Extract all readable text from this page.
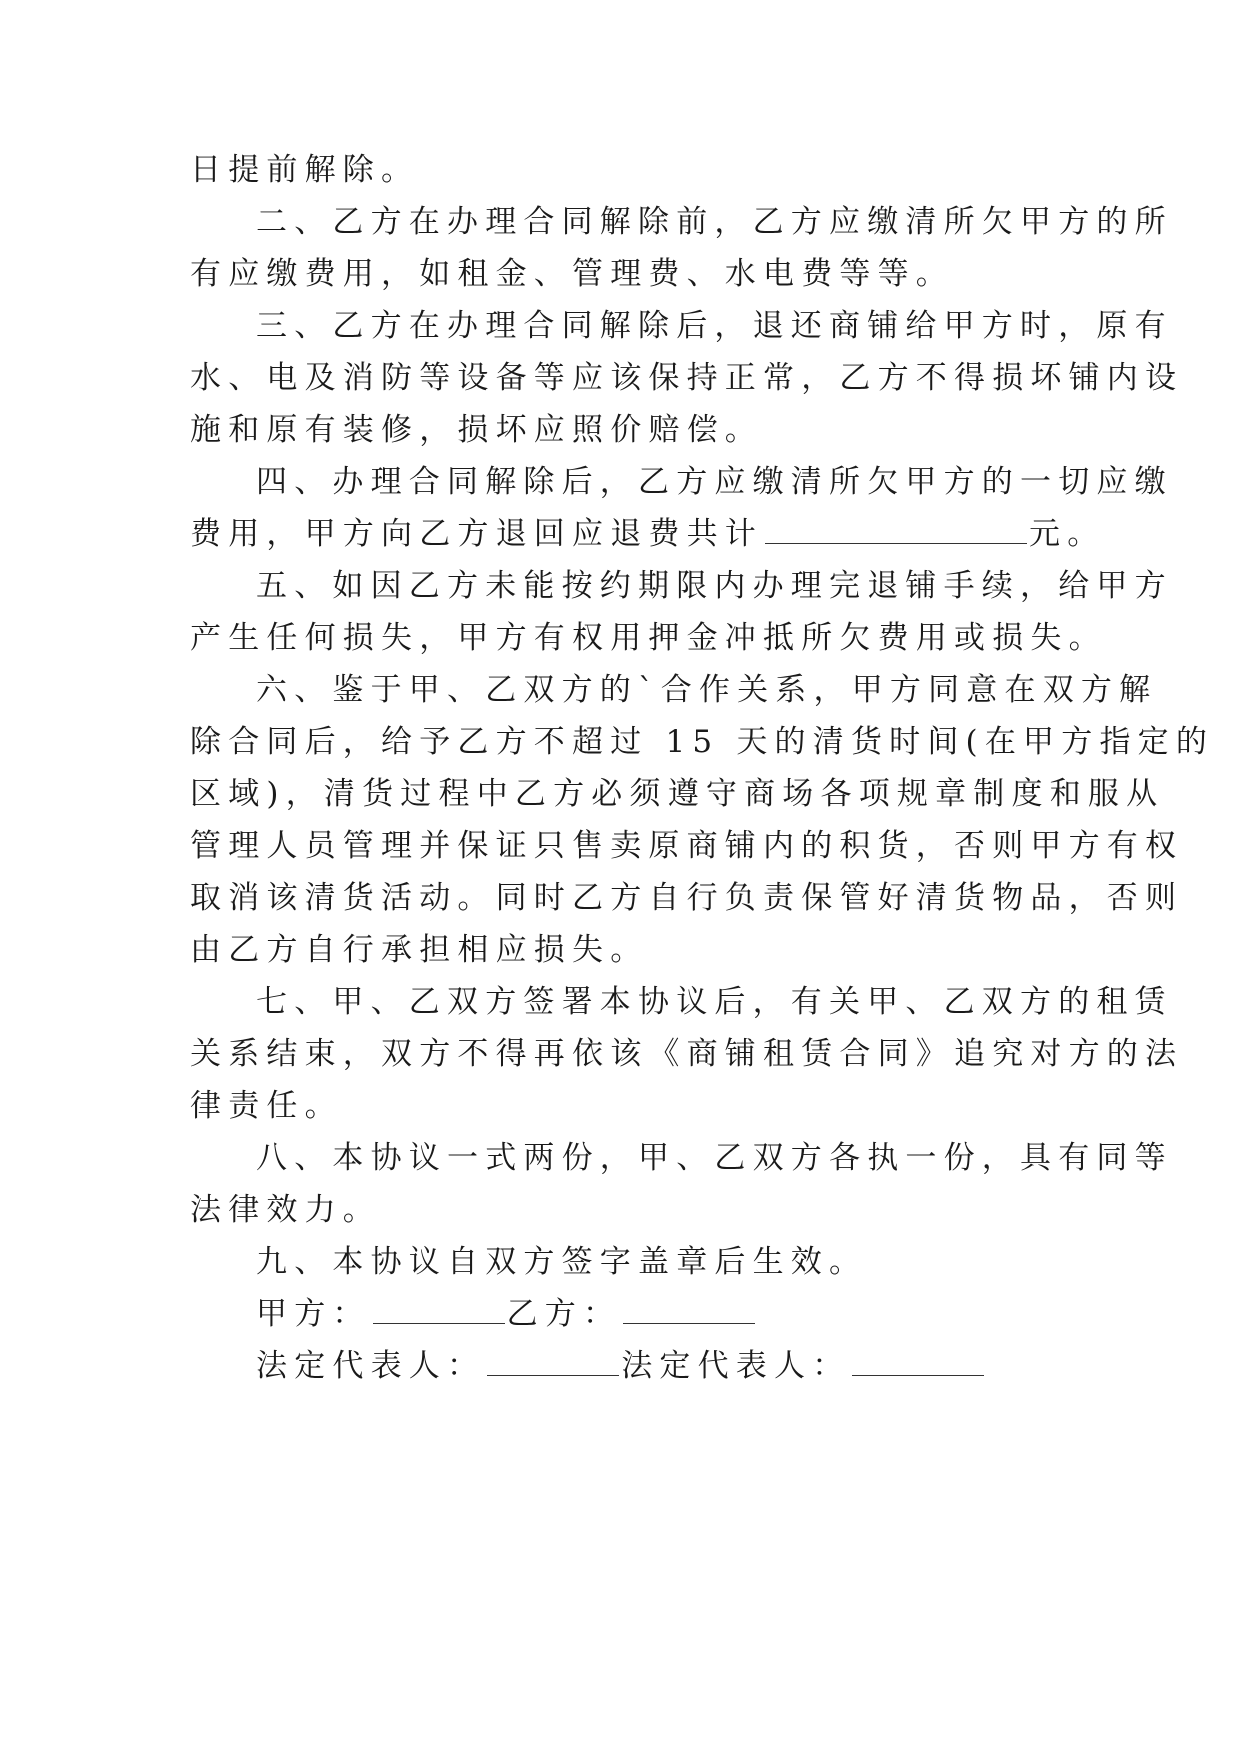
日提前解除。
二、乙方在办理合同解除前，乙方应缴清所欠甲方的所
有应缴费用，如租金、管理费、水电费等等。
三、乙方在办理合同解除后，退还商铺给甲方时，原有
水、电及消防等设备等应该保持正常，乙方不得损坏铺内设
施和原有装修，损坏应照价赔偿。
四、办理合同解除后，乙方应缴清所欠甲方的一切应缴
费用，甲方向乙方退回应退费共计	元。
五、如因乙方未能按约期限内办理完退铺手续，给甲方
产生任何损失，甲方有权用押金冲抵所欠费用或损失。
六、鉴于甲、乙双方的`合作关系，甲方同意在双方解
除合同后，给予乙方不超过 15 天的清货时间(在甲方指定的
区域)，清货过程中乙方必须遵守商场各项规章制度和服从
管理人员管理并保证只售卖原商铺内的积货，否则甲方有权
取消该清货活动。同时乙方自行负责保管好清货物品，否则
由乙方自行承担相应损失。
七、甲、乙双方签署本协议后，有关甲、乙双方的租赁
关系结束，双方不得再依该《商铺租赁合同》追究对方的法
律责任。
八、本协议一式两份，甲、乙双方各执一份，具有同等
法律效力。
九、本协议自双方签字盖章后生效。
甲方：	乙方：
法定代表人：	法定代表人：
